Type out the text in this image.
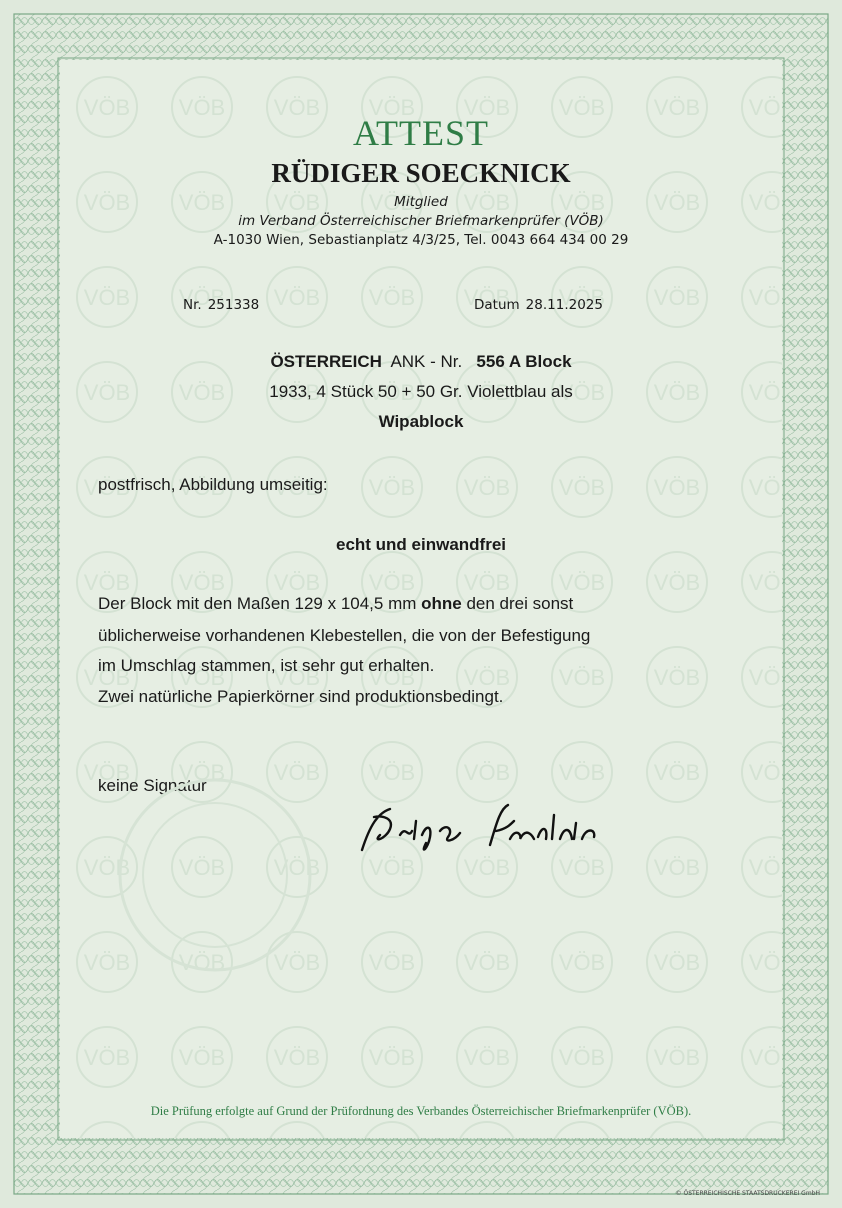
ATTEST
RÜDIGER SOECKNICK
Mitglied
im Verband Österreichischer Briefmarkenprüfer (VÖB)
A-1030 Wien, Sebastianplatz 4/3/25, Tel. 0043 664 434 00 29
Nr. 251338	Datum 28.11.2025
ÖSTERREICH ANK - Nr. 556 A Block
1933, 4 Stück 50 + 50 Gr. Violettblau als
Wipablock
postfrisch, Abbildung umseitig:
echt und einwandfrei
Der Block mit den Maßen 129 x 104,5 mm ohne den drei sonst
üblicherweise vorhandenen Klebestellen, die von der Befestigung
im Umschlag stammen, ist sehr gut erhalten.
Zwei natürliche Papierkörner sind produktionsbedingt.
keine Signatur
Die Prüfung erfolgte auf Grund der Prüfordnung des Verbandes Österreichischer Briefmarkenprüfer (VÖB).
© ÖSTERREICHISCHE STAATSDRUCKEREI GmbH
